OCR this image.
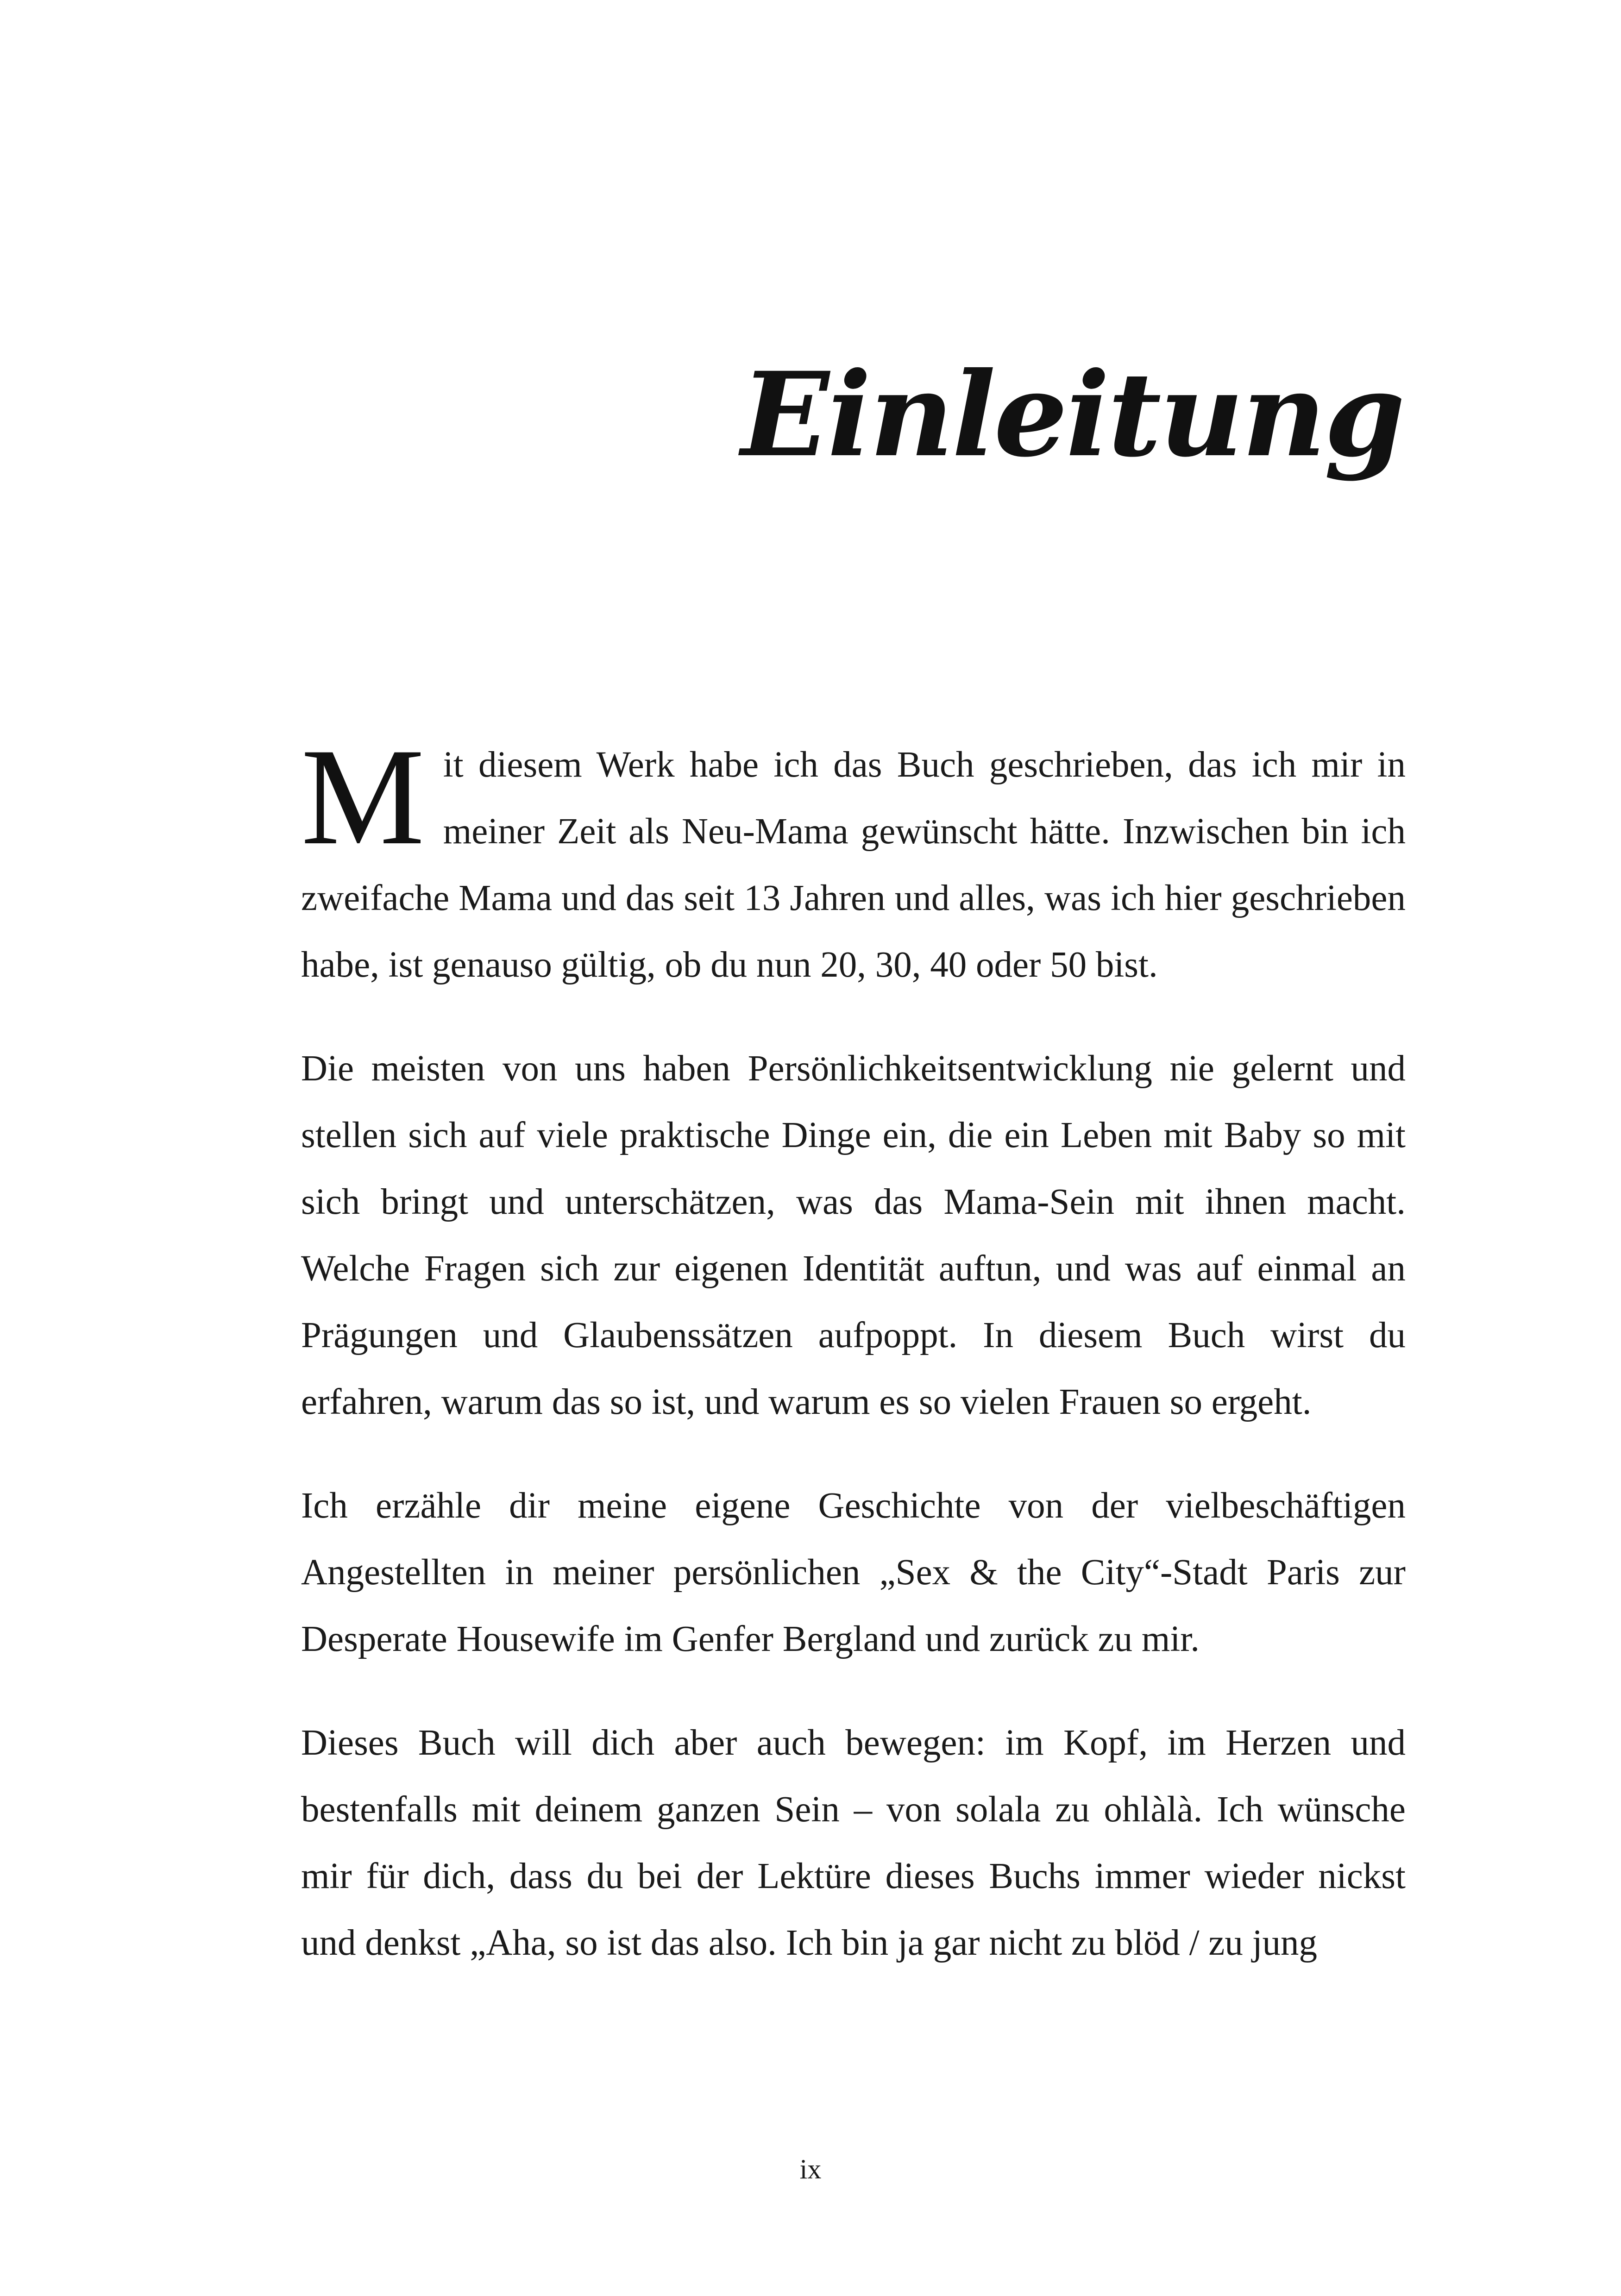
Einleitung

Mit diesem Werk habe ich das Buch geschrieben, das ich mir in meiner Zeit als Neu-Mama gewünscht hätte. Inzwischen bin ich zweifache Mama und das seit 13 Jahren und alles, was ich hier geschrieben habe, ist genauso gültig, ob du nun 20, 30, 40 oder 50 bist.

Die meisten von uns haben Persönlichkeitsentwicklung nie gelernt und stellen sich auf viele praktische Dinge ein, die ein Leben mit Baby so mit sich bringt und unterschätzen, was das Mama-Sein mit ihnen macht. Welche Fragen sich zur eigenen Identität auftun, und was auf einmal an Prägungen und Glaubenssätzen aufpoppt. In diesem Buch wirst du erfahren, warum das so ist, und warum es so vielen Frauen so ergeht.

Ich erzähle dir meine eigene Geschichte von der vielbeschäftigen Angestellten in meiner persönlichen „Sex & the City“-Stadt Paris zur Desperate Housewife im Genfer Bergland und zurück zu mir.

Dieses Buch will dich aber auch bewegen: im Kopf, im Herzen und bestenfalls mit deinem ganzen Sein – von solala zu ohlàlà. Ich wünsche mir für dich, dass du bei der Lektüre dieses Buchs immer wieder nickst und denkst „Aha, so ist das also. Ich bin ja gar nicht zu blöd / zu jung

ix
